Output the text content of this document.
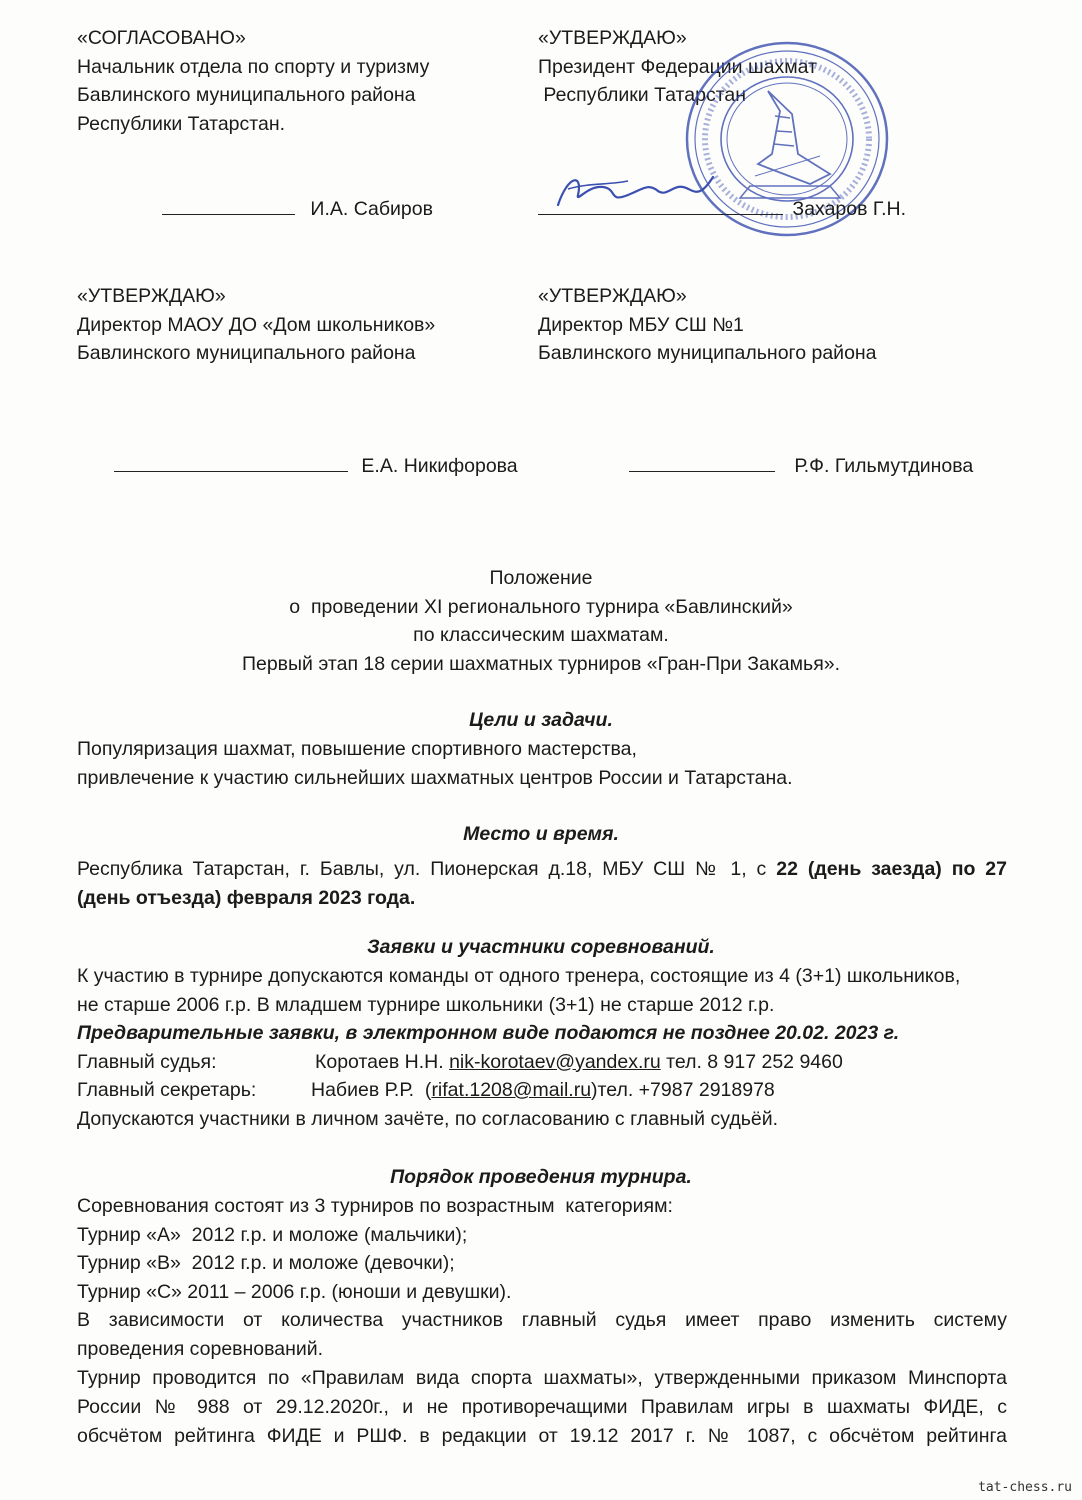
«СОГЛАСОВАНО»
Начальник отдела по спорту и туризму
Бавлинского муниципального района
Республики Татарстан.
И.А. Сабиров
«УТВЕРЖДАЮ»
Президент Федерации шахмат
Республики Татарстан
Захаров Г.Н.
«УТВЕРЖДАЮ»
Директор МАОУ ДО «Дом школьников»
Бавлинского муниципального района
Е.А. Никифорова
«УТВЕРЖДАЮ»
Директор МБУ СШ №1
Бавлинского муниципального района
Р.Ф. Гильмутдинова
Положение
о  проведении XI регионального турнира «Бавлинский»
по классическим шахматам.
Первый этап 18 серии шахматных турниров «Гран-При Закамья».
Цели и задачи.
Популяризация шахмат, повышение спортивного мастерства,
привлечение к участию сильнейших шахматных центров России и Татарстана.
Место и время.
Республика Татарстан, г. Бавлы, ул. Пионерская д.18, МБУ СШ № 1, с 22 (день заезда) по 27
(день отъезда) февраля 2023 года.
Заявки и участники соревнований.
К участию в турнире допускаются команды от одного тренера, состоящие из 4 (3+1) школьников,
не старше 2006 г.р. В младшем турнире школьники (3+1) не старше 2012 г.р.
Предварительные заявки, в электронном виде подаются не позднее 20.02. 2023 г.
Главный судья:	Коротаев Н.Н. nik-korotaev@yandex.ru тел. 8 917 252 9460
Главный секретарь:	Набиев Р.Р.  (rifat.1208@mail.ru)тел. +7987 2918978
Допускаются участники в личном зачёте, по согласованию с главный судьёй.
Порядок проведения турнира.
Соревнования состоят из 3 турниров по возрастным  категориям:
Турнир «А»  2012 г.р. и моложе (мальчики);
Турнир «В»  2012 г.р. и моложе (девочки);
Турнир «С» 2011 – 2006 г.р. (юноши и девушки).
В зависимости от количества участников главный судья имеет право изменить систему
проведения соревнований.
Турнир проводится по «Правилам вида спорта шахматы», утвержденными приказом Минспорта
России № 988 от 29.12.2020г., и не противоречащими Правилам игры в шахматы ФИДЕ, с
обсчётом рейтинга ФИДЕ и РШФ. в редакции от 19.12 2017 г. № 1087, с обсчётом рейтинга
tat-chess.ru
